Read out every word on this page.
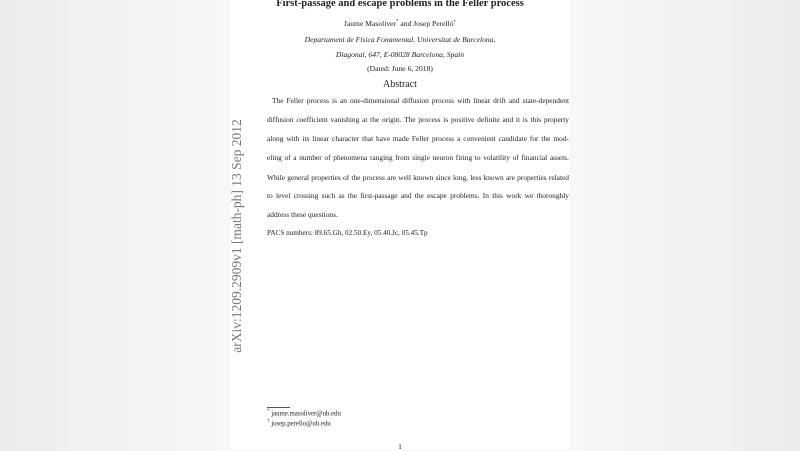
First-passage and escape problems in the Feller process
Jaume Masoliver* and Josep Perelló†
Departament de Física Fonamental, Universitat de Barcelona,
Diagonal, 647, E-08028 Barcelona, Spain
(Dated: June 6, 2018)
Abstract
The Feller process is an one-dimensional diffusion process with linear drift and state-dependent
diffusion coefficient vanishing at the origin. The process is positive definite and it is this property
along with its linear character that have made Feller process a convenient candidate for the mod-
eling of a number of phenomena ranging from single neuron firing to volatility of financial assets.
While general properties of the process are well known since long, less known are properties related
to level crossing such as the first-passage and the escape problems. In this work we thoroughly
address these questions.
PACS numbers: 89.65.Gh, 02.50.Ey, 05.40.Jc, 05.45.Tp
* jaume.masoliver@ub.edu
† josep.perello@ub.edu
1
arXiv:1209.2909v1 [math-ph] 13 Sep 2012
